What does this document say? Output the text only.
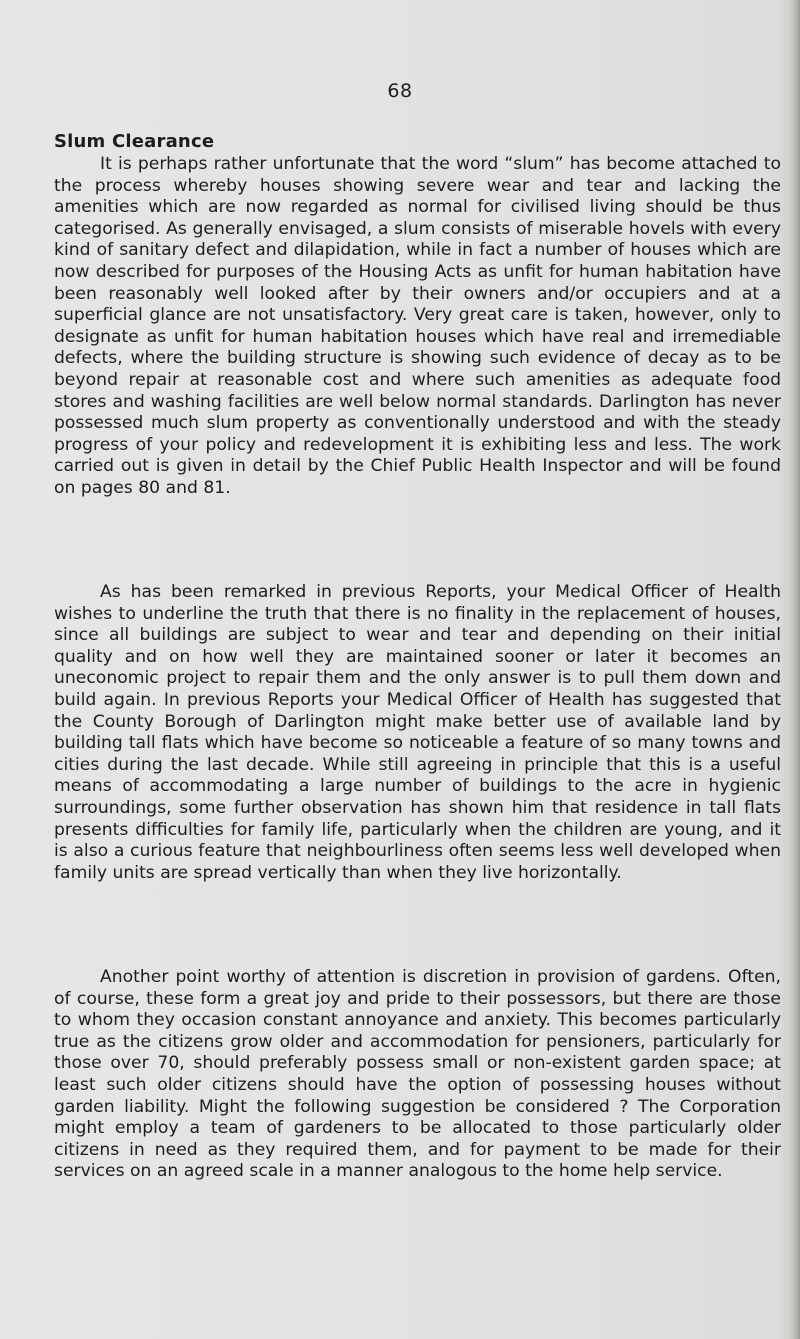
68
Slum Clearance

It is perhaps rather unfortunate that the word “slum” has become attached to the process whereby houses showing severe wear and tear and lacking the amenities which are now regarded as normal for civilised living should be thus categorised. As generally envisaged, a slum consists of miserable hovels with every kind of sanitary defect and dilapidation, while in fact a number of houses which are now described for purposes of the Housing Acts as unfit for human habitation have been reasonably well looked after by their owners and/or occupiers and at a superficial glance are not unsatisfactory. Very great care is taken, however, only to designate as unfit for human habitation houses which have real and irremediable defects, where the building structure is showing such evidence of decay as to be beyond repair at reasonable cost and where such amenities as adequate food stores and washing facilities are well below normal standards. Darlington has never possessed much slum property as conventionally understood and with the steady progress of your policy and redevelopment it is exhibiting less and less. The work carried out is given in detail by the Chief Public Health Inspector and will be found on pages 80 and 81.

As has been remarked in previous Reports, your Medical Officer of Health wishes to underline the truth that there is no finality in the replacement of houses, since all buildings are subject to wear and tear and depending on their initial quality and on how well they are maintained sooner or later it becomes an uneconomic project to repair them and the only answer is to pull them down and build again. In previous Reports your Medical Officer of Health has suggested that the County Borough of Darlington might make better use of available land by building tall flats which have become so noticeable a feature of so many towns and cities during the last decade. While still agreeing in principle that this is a useful means of accommodating a large number of buildings to the acre in hygienic surroundings, some further observation has shown him that residence in tall flats presents difficulties for family life, particularly when the children are young, and it is also a curious feature that neighbourliness often seems less well developed when family units are spread vertically than when they live horizontally.

Another point worthy of attention is discretion in provision of gardens. Often, of course, these form a great joy and pride to their possessors, but there are those to whom they occasion constant annoyance and anxiety. This becomes particularly true as the citizens grow older and accommodation for pensioners, particularly for those over 70, should preferably possess small or non-existent garden space; at least such older citizens should have the option of possessing houses without garden liability. Might the following suggestion be considered ? The Corporation might employ a team of gardeners to be allocated to those particularly older citizens in need as they required them, and for payment to be made for their services on an agreed scale in a manner analogous to the home help service.
